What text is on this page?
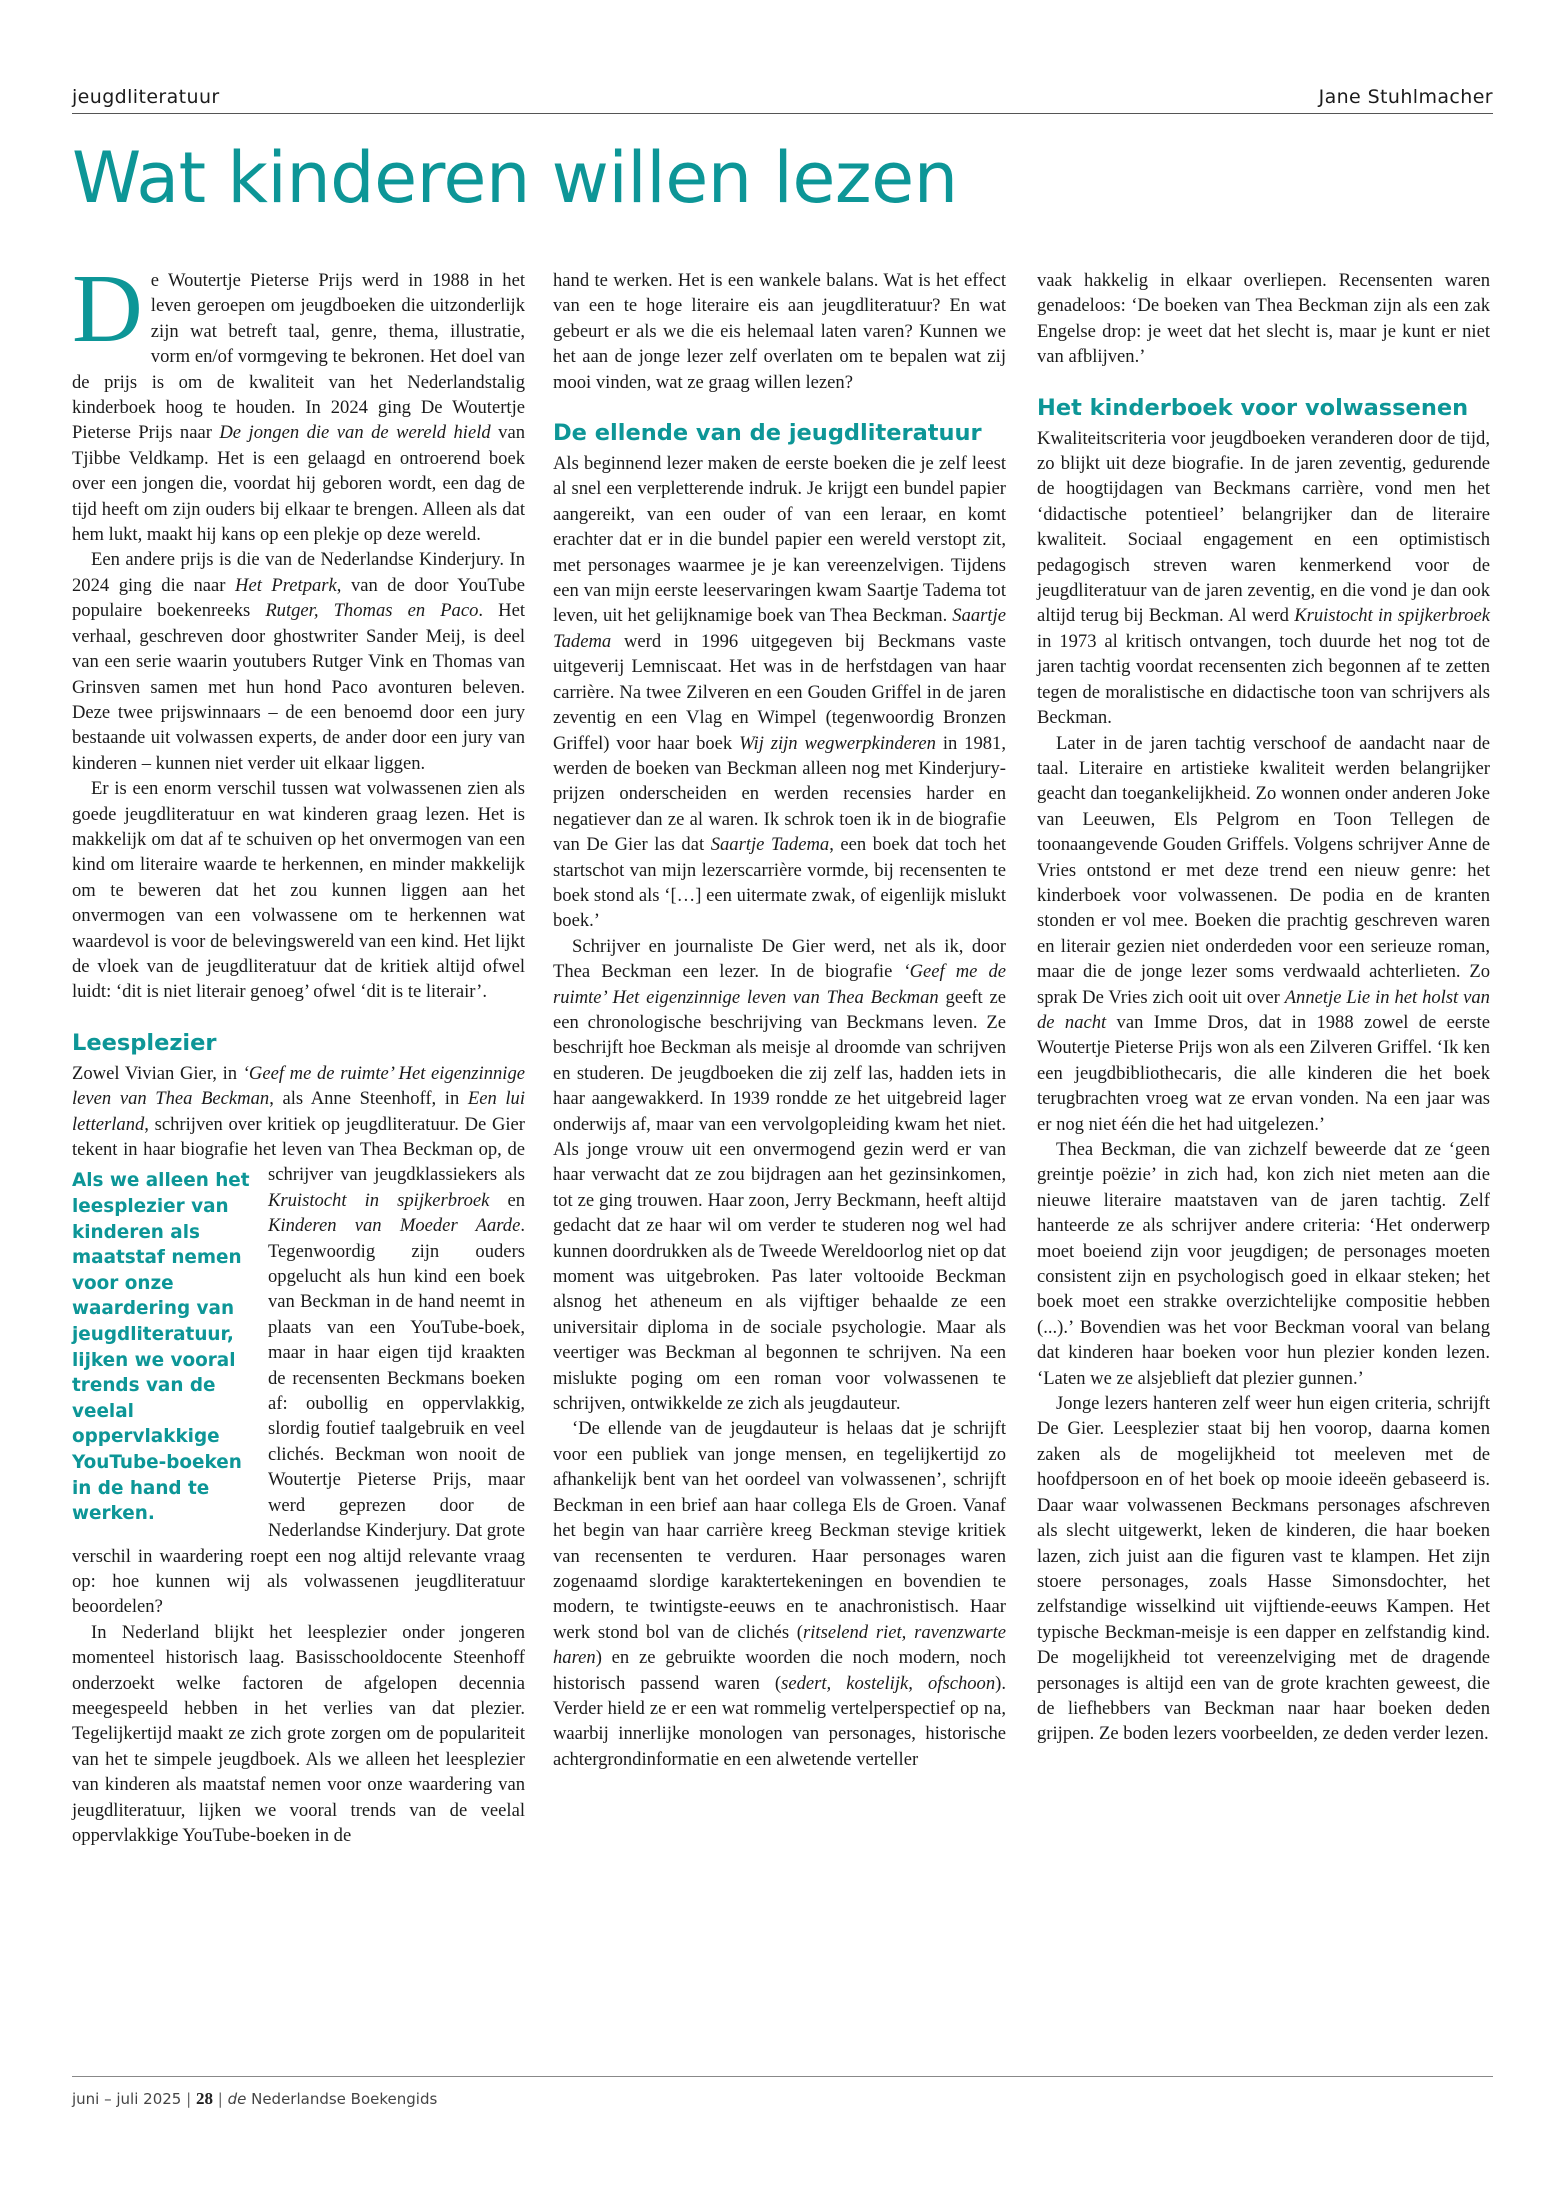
jeugdliteratuur	Jane Stuhlmacher
Wat kinderen willen lezen

De Woutertje Pieterse Prijs werd in 1988 in het leven geroepen om jeugdboeken die uitzonderlijk zijn wat betreft taal, genre, thema, illustratie, vorm en/of vormgeving te bekronen. Het doel van de prijs is om de kwaliteit van het Nederlandstalig kinderboek hoog te houden. In 2024 ging De Woutertje Pieterse Prijs naar De jongen die van de wereld hield van Tjibbe Veldkamp. Het is een gelaagd en ontroerend boek over een jongen die, voordat hij geboren wordt, een dag de tijd heeft om zijn ouders bij elkaar te brengen. Alleen als dat hem lukt, maakt hij kans op een plekje op deze wereld.

Een andere prijs is die van de Nederlandse Kinderjury. In 2024 ging die naar Het Pretpark, van de door YouTube populaire boekenreeks Rutger, Thomas en Paco. Het verhaal, geschreven door ghostwriter Sander Meij, is deel van een serie waarin youtubers Rutger Vink en Thomas van Grinsven samen met hun hond Paco avonturen beleven. Deze twee prijswinnaars – de een benoemd door een jury bestaande uit volwassen experts, de ander door een jury van kinderen – kunnen niet verder uit elkaar liggen.

Er is een enorm verschil tussen wat volwassenen zien als goede jeugdliteratuur en wat kinderen graag lezen. Het is makkelijk om dat af te schuiven op het onvermogen van een kind om literaire waarde te herkennen, en minder makkelijk om te beweren dat het zou kunnen liggen aan het onvermogen van een volwassene om te herkennen wat waardevol is voor de belevingswereld van een kind. Het lijkt de vloek van de jeugdliteratuur dat de kritiek altijd ofwel luidt: ‘dit is niet literair genoeg’ ofwel ‘dit is te literair’.

Leesplezier

Zowel Vivian Gier, in ‘Geef me de ruimte’ Het eigenzinnige leven van Thea Beckman, als Anne Steenhoff, in Een lui letterland, schrijven over kritiek op jeugdliteratuur. De Gier tekent in haar biografie het leven van Thea Beckman op, de schrijver van jeugdklassiekers als
Als we alleen het leesplezier van kinderen als maatstaf nemen voor onze waardering van jeugdliteratuur, lijken we vooral trends van de veelal oppervlakkige YouTube-boeken in de hand te werken.
Kruistocht in spijkerbroek en Kinderen van Moeder Aarde. Tegenwoordig zijn ouders opgelucht als hun kind een boek van Beckman in de hand neemt in plaats van een YouTube-boek, maar in haar eigen tijd kraakten de recensenten Beckmans boeken af: oubollig en oppervlakkig, slordig foutief taalgebruik en veel clichés. Beckman won nooit de Woutertje Pieterse Prijs, maar werd geprezen door de Nederlandse Kinderjury. Dat grote verschil in waardering roept een nog altijd relevante vraag op: hoe kunnen wij als volwassenen jeugdliteratuur beoordelen?

In Nederland blijkt het leesplezier onder jongeren momenteel historisch laag. Basisschooldocente Steenhoff onderzoekt welke factoren de afgelopen decennia meegespeeld hebben in het verlies van dat plezier. Tegelijkertijd maakt ze zich grote zorgen om de populariteit van het te simpele jeugdboek. Als we alleen het leesplezier van kinderen als maatstaf nemen voor onze waardering van jeugdliteratuur, lijken we vooral trends van de veelal oppervlakkige YouTube-boeken in de

hand te werken. Het is een wankele balans. Wat is het effect van een te hoge literaire eis aan jeugdliteratuur? En wat gebeurt er als we die eis helemaal laten varen? Kunnen we het aan de jonge lezer zelf overlaten om te bepalen wat zij mooi vinden, wat ze graag willen lezen?

De ellende van de jeugdliteratuur

Als beginnend lezer maken de eerste boeken die je zelf leest al snel een verpletterende indruk. Je krijgt een bundel papier aangereikt, van een ouder of van een leraar, en komt erachter dat er in die bundel papier een wereld verstopt zit, met personages waarmee je je kan vereenzelvigen. Tijdens een van mijn eerste leeservaringen kwam Saartje Tadema tot leven, uit het gelijknamige boek van Thea Beckman. Saartje Tadema werd in 1996 uitgegeven bij Beckmans vaste uitgeverij Lemniscaat. Het was in de herfstdagen van haar carrière. Na twee Zilveren en een Gouden Griffel in de jaren zeventig en een Vlag en Wimpel (tegenwoordig Bronzen Griffel) voor haar boek Wij zijn wegwerpkinderen in 1981, werden de boeken van Beckman alleen nog met Kinderjury-prijzen onderscheiden en werden recensies harder en negatiever dan ze al waren. Ik schrok toen ik in de biografie van De Gier las dat Saartje Tadema, een boek dat toch het startschot van mijn lezerscarrière vormde, bij recensenten te boek stond als ‘[…] een uitermate zwak, of eigenlijk mislukt boek.’

Schrijver en journaliste De Gier werd, net als ik, door Thea Beckman een lezer. In de biografie ‘Geef me de ruimte’ Het eigenzinnige leven van Thea Beckman geeft ze een chronologische beschrijving van Beckmans leven. Ze beschrijft hoe Beckman als meisje al droomde van schrijven en studeren. De jeugdboeken die zij zelf las, hadden iets in haar aangewakkerd. In 1939 rondde ze het uitgebreid lager onderwijs af, maar van een vervolgopleiding kwam het niet. Als jonge vrouw uit een onvermogend gezin werd er van haar verwacht dat ze zou bijdragen aan het gezinsinkomen, tot ze ging trouwen. Haar zoon, Jerry Beckmann, heeft altijd gedacht dat ze haar wil om verder te studeren nog wel had kunnen doordrukken als de Tweede Wereldoorlog niet op dat moment was uitgebroken. Pas later voltooide Beckman alsnog het atheneum en als vijftiger behaalde ze een universitair diploma in de sociale psychologie. Maar als veertiger was Beckman al begonnen te schrijven. Na een mislukte poging om een roman voor volwassenen te schrijven, ontwikkelde ze zich als jeugdauteur.

‘De ellende van de jeugdauteur is helaas dat je schrijft voor een publiek van jonge mensen, en tegelijkertijd zo afhankelijk bent van het oordeel van volwassenen’, schrijft Beckman in een brief aan haar collega Els de Groen. Vanaf het begin van haar carrière kreeg Beckman stevige kritiek van recensenten te verduren. Haar personages waren zogenaamd slordige karaktertekeningen en bovendien te modern, te twintigste-eeuws en te anachronistisch. Haar werk stond bol van de clichés (ritselend riet, ravenzwarte haren) en ze gebruikte woorden die noch modern, noch historisch passend waren (sedert, kostelijk, ofschoon). Verder hield ze er een wat rommelig vertelperspectief op na, waarbij innerlijke monologen van personages, historische achtergrondinformatie en een alwetende verteller

vaak hakkelig in elkaar overliepen. Recensenten waren genadeloos: ‘De boeken van Thea Beckman zijn als een zak Engelse drop: je weet dat het slecht is, maar je kunt er niet van afblijven.’

Het kinderboek voor volwassenen

Kwaliteitscriteria voor jeugdboeken veranderen door de tijd, zo blijkt uit deze biografie. In de jaren zeventig, gedurende de hoogtijdagen van Beckmans carrière, vond men het ‘didactische potentieel’ belangrijker dan de literaire kwaliteit. Sociaal engagement en een optimistisch pedagogisch streven waren kenmerkend voor de jeugdliteratuur van de jaren zeventig, en die vond je dan ook altijd terug bij Beckman. Al werd Kruistocht in spijkerbroek in 1973 al kritisch ontvangen, toch duurde het nog tot de jaren tachtig voordat recensenten zich begonnen af te zetten tegen de moralistische en didactische toon van schrijvers als Beckman.

Later in de jaren tachtig verschoof de aandacht naar de taal. Literaire en artistieke kwaliteit werden belangrijker geacht dan toegankelijkheid. Zo wonnen onder anderen Joke van Leeuwen, Els Pelgrom en Toon Tellegen de toonaangevende Gouden Griffels. Volgens schrijver Anne de Vries ontstond er met deze trend een nieuw genre: het kinderboek voor volwassenen. De podia en de kranten stonden er vol mee. Boeken die prachtig geschreven waren en literair gezien niet onderdeden voor een serieuze roman, maar die de jonge lezer soms verdwaald achterlieten. Zo sprak De Vries zich ooit uit over Annetje Lie in het holst van de nacht van Imme Dros, dat in 1988 zowel de eerste Woutertje Pieterse Prijs won als een Zilveren Griffel. ‘Ik ken een jeugdbibliothecaris, die alle kinderen die het boek terugbrachten vroeg wat ze ervan vonden. Na een jaar was er nog niet één die het had uitgelezen.’

Thea Beckman, die van zichzelf beweerde dat ze ‘geen greintje poëzie’ in zich had, kon zich niet meten aan die nieuwe literaire maatstaven van de jaren tachtig. Zelf hanteerde ze als schrijver andere criteria: ‘Het onderwerp moet boeiend zijn voor jeugdigen; de personages moeten consistent zijn en psychologisch goed in elkaar steken; het boek moet een strakke overzichtelijke compositie hebben (...).’ Bovendien was het voor Beckman vooral van belang dat kinderen haar boeken voor hun plezier konden lezen. ‘Laten we ze alsjeblieft dat plezier gunnen.’

Jonge lezers hanteren zelf weer hun eigen criteria, schrijft De Gier. Leesplezier staat bij hen voorop, daarna komen zaken als de mogelijkheid tot meeleven met de hoofdpersoon en of het boek op mooie ideeën gebaseerd is. Daar waar volwassenen Beckmans personages afschreven als slecht uitgewerkt, leken de kinderen, die haar boeken lazen, zich juist aan die figuren vast te klampen. Het zijn stoere personages, zoals Hasse Simonsdochter, het zelfstandige wisselkind uit vijftiende-eeuws Kampen. Het typische Beckman-meisje is een dapper en zelfstandig kind. De mogelijkheid tot vereenzelviging met de dragende personages is altijd een van de grote krachten geweest, die de liefhebbers van Beckman naar haar boeken deden grijpen. Ze boden lezers voorbeelden, ze deden verder lezen.

juni – juli 2025 | 28 | de Nederlandse Boekengids
